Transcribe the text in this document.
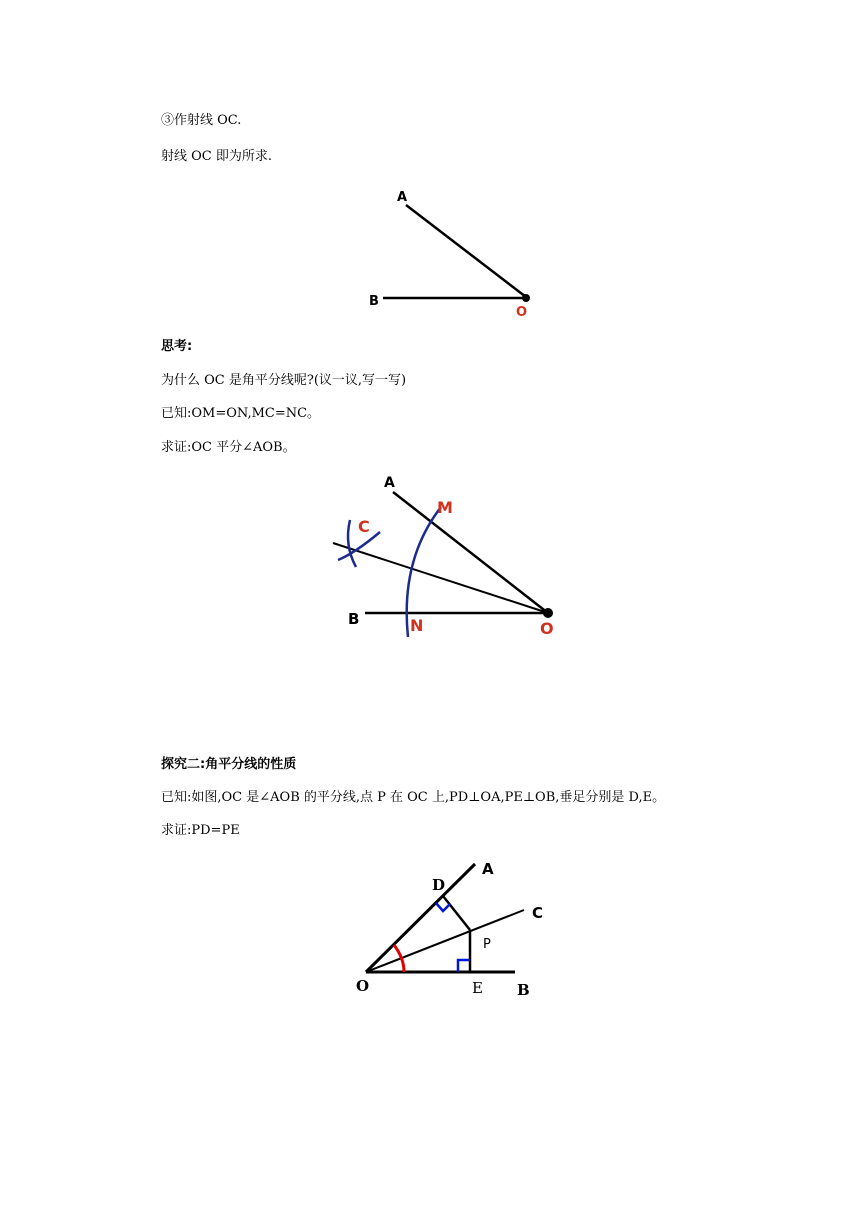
③作射线 OC.
射线 OC 即为所求.
思考:
为什么 OC 是角平分线呢?(议一议,写一写)
已知:OM=ON,MC=NC。
求证:OC 平分∠AOB。
探究二:角平分线的性质
已知:如图,OC 是∠AOB 的平分线,点 P 在 OC 上,PD⊥OA,PE⊥OB,垂足分别是 D,E。
求证:PD=PE
A
B
O
A
M
C
B	N	O
A
D
C
P
O	E B
